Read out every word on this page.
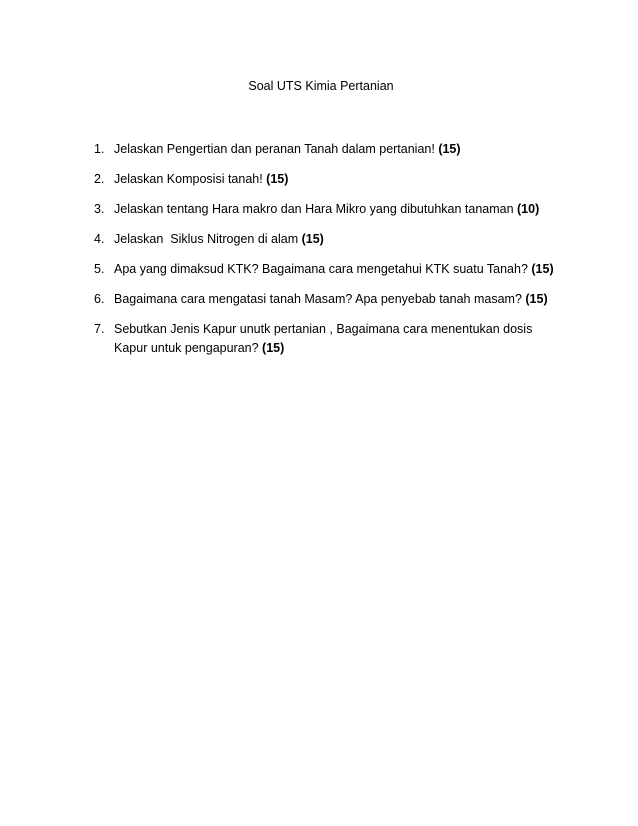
Soal UTS Kimia Pertanian
1. Jelaskan Pengertian dan peranan Tanah dalam pertanian! (15)
2. Jelaskan Komposisi tanah! (15)
3. Jelaskan tentang Hara makro dan Hara Mikro yang dibutuhkan tanaman (10)
4. Jelaskan  Siklus Nitrogen di alam (15)
5. Apa yang dimaksud KTK? Bagaimana cara mengetahui KTK suatu Tanah? (15)
6. Bagaimana cara mengatasi tanah Masam? Apa penyebab tanah masam? (15)
7. Sebutkan Jenis Kapur unutk pertanian , Bagaimana cara menentukan dosis Kapur untuk pengapuran? (15)
